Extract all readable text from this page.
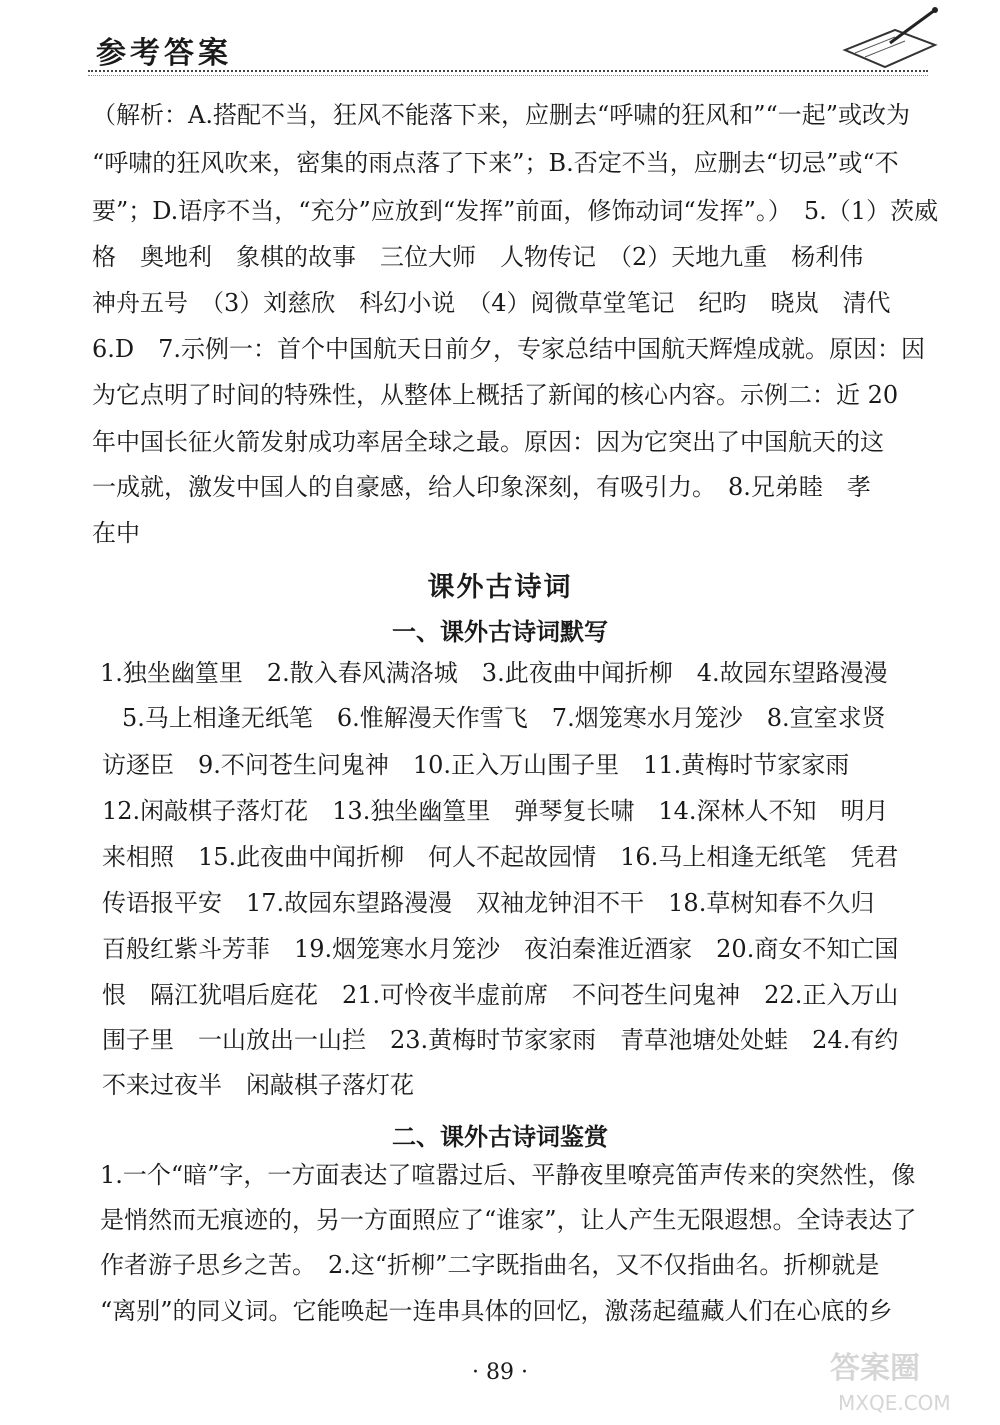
参考答案
（解析：A.搭配不当，狂风不能落下来，应删去“呼啸的狂风和”“一起”或改为
“呼啸的狂风吹来，密集的雨点落了下来”；B.否定不当，应删去“切忌”或“不
要”；D.语序不当，“充分”应放到“发挥”前面，修饰动词“发挥”。）　5.（1）茨威
格　奥地利　象棋的故事　三位大师　人物传记　（2）天地九重　杨利伟
神舟五号　（3）刘慈欣　科幻小说　（4）阅微草堂笔记　纪昀　晓岚　清代
6.D　7.示例一：首个中国航天日前夕，专家总结中国航天辉煌成就。原因：因
为它点明了时间的特殊性，从整体上概括了新闻的核心内容。示例二：近 20
年中国长征火箭发射成功率居全球之最。原因：因为它突出了中国航天的这
一成就，激发中国人的自豪感，给人印象深刻，有吸引力。　8.兄弟睦　孝
在中
课外古诗词
一、课外古诗词默写
1.独坐幽篁里　2.散入春风满洛城　3.此夜曲中闻折柳　4.故园东望路漫漫
5.马上相逢无纸笔　6.惟解漫天作雪飞　7.烟笼寒水月笼沙　8.宣室求贤
访逐臣　9.不问苍生问鬼神　10.正入万山围子里　11.黄梅时节家家雨
12.闲敲棋子落灯花　13.独坐幽篁里　弹琴复长啸　14.深林人不知　明月
来相照　15.此夜曲中闻折柳　何人不起故园情　16.马上相逢无纸笔　凭君
传语报平安　17.故园东望路漫漫　双袖龙钟泪不干　18.草树知春不久归
百般红紫斗芳菲　19.烟笼寒水月笼沙　夜泊秦淮近酒家　20.商女不知亡国
恨　隔江犹唱后庭花　21.可怜夜半虚前席　不问苍生问鬼神　22.正入万山
围子里　一山放出一山拦　23.黄梅时节家家雨　青草池塘处处蛙　24.有约
不来过夜半　闲敲棋子落灯花
二、课外古诗词鉴赏
1.一个“暗”字，一方面表达了喧嚣过后、平静夜里嘹亮笛声传来的突然性，像
是悄然而无痕迹的，另一方面照应了“谁家”，让人产生无限遐想。全诗表达了
作者游子思乡之苦。　2.这“折柳”二字既指曲名，又不仅指曲名。折柳就是
“离别”的同义词。它能唤起一连串具体的回忆，激荡起蕴藏人们在心底的乡
· 89 ·	答案圈
MXQE.COM
